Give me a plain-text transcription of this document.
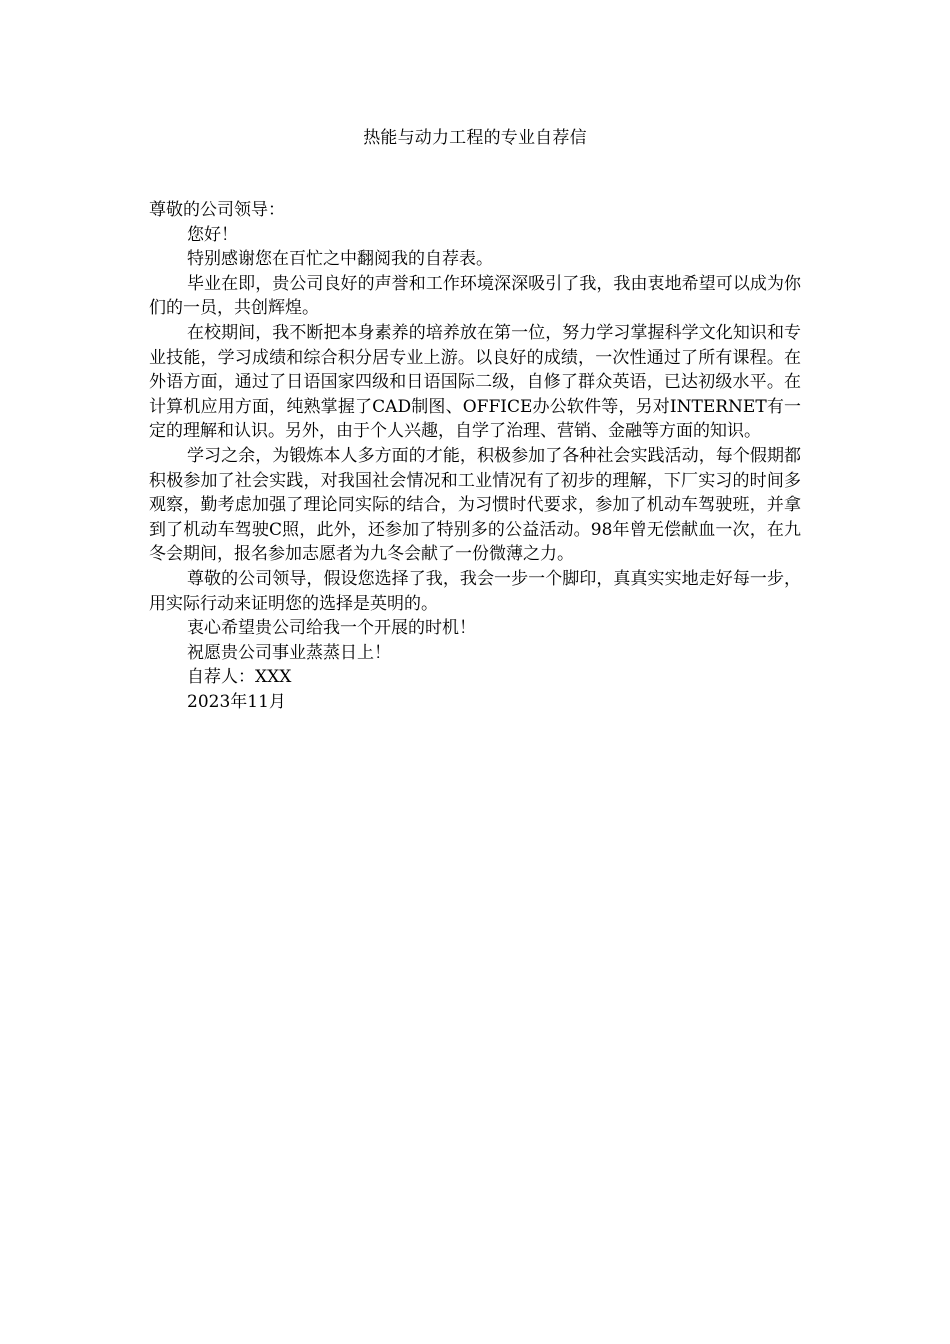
热能与动力工程的专业自荐信

尊敬的公司领导：

您好！

特别感谢您在百忙之中翻阅我的自荐表。

毕业在即，贵公司良好的声誉和工作环境深深吸引了我，我由衷地希望可以成为你们的一员，共创辉煌。

在校期间，我不断把本身素养的培养放在第一位，努力学习掌握科学文化知识和专业技能，学习成绩和综合积分居专业上游。以良好的成绩，一次性通过了所有课程。在外语方面，通过了日语国家四级和日语国际二级，自修了群众英语，已达初级水平。在计算机应用方面，纯熟掌握了CAD制图、OFFICE办公软件等，另对INTERNET有一定的理解和认识。另外，由于个人兴趣，自学了治理、营销、金融等方面的知识。

学习之余，为锻炼本人多方面的才能，积极参加了各种社会实践活动，每个假期都积极参加了社会实践，对我国社会情况和工业情况有了初步的理解，下厂实习的时间多观察，勤考虑加强了理论同实际的结合，为习惯时代要求，参加了机动车驾驶班，并拿到了机动车驾驶C照，此外，还参加了特别多的公益活动。98年曾无偿献血一次，在九冬会期间，报名参加志愿者为九冬会献了一份微薄之力。

尊敬的公司领导，假设您选择了我，我会一步一个脚印，真真实实地走好每一步，用实际行动来证明您的选择是英明的。

衷心希望贵公司给我一个开展的时机！

祝愿贵公司事业蒸蒸日上！

自荐人：XXX

2023年11月
